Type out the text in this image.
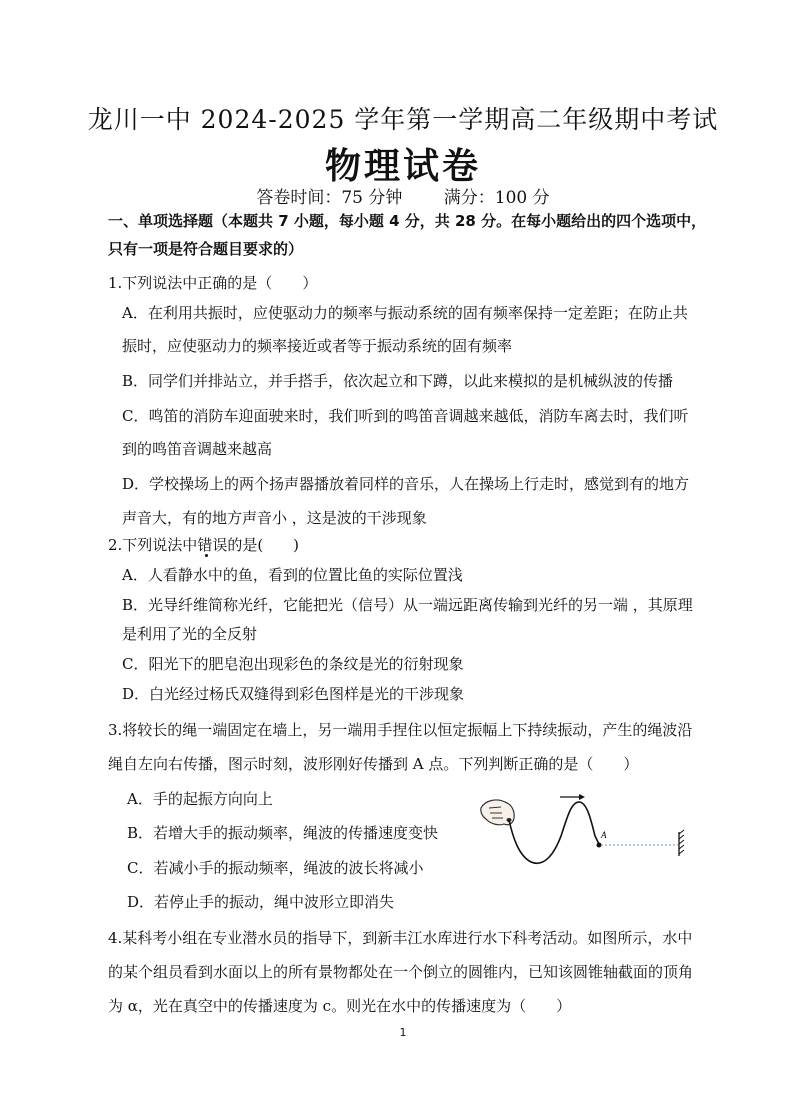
龙川一中 2024-2025 学年第一学期高二年级期中考试
物理试卷
答卷时间：75 分钟 满分：100 分
一、单项选择题（本题共 7 小题，每小题 4 分，共 28 分。在每小题给出的四个选项中，
只有一项是符合题目要求的）
1.下列说法中正确的是（　　）
A．在利用共振时，应使驱动力的频率与振动系统的固有频率保持一定差距；在防止共
振时，应使驱动力的频率接近或者等于振动系统的固有频率
B．同学们并排站立，并手搭手，依次起立和下蹲，以此来模拟的是机械纵波的传播
C．鸣笛的消防车迎面驶来时，我们听到的鸣笛音调越来越低，消防车离去时，我们听
到的鸣笛音调越来越高
D．学校操场上的两个扬声器播放着同样的音乐，人在操场上行走时，感觉到有的地方
声音大，有的地方声音小 ，这是波的干涉现象
2.下列说法中错误的是(　　)
A．人看静水中的鱼，看到的位置比鱼的实际位置浅
B．光导纤维简称光纤，它能把光（信号）从一端远距离传输到光纤的另一端 ，其原理
是利用了光的全反射
C．阳光下的肥皂泡出现彩色的条纹是光的衍射现象
D．白光经过杨氏双缝得到彩色图样是光的干涉现象
3.将较长的绳一端固定在墙上，另一端用手捏住以恒定振幅上下持续振动，产生的绳波沿
绳自左向右传播，图示时刻，波形刚好传播到 A 点。下列判断正确的是（　　）
A．手的起振方向向上
B．若增大手的振动频率，绳波的传播速度变快
C．若减小手的振动频率，绳波的波长将减小
D．若停止手的振动，绳中波形立即消失
A
4.某科考小组在专业潜水员的指导下，到新丰江水库进行水下科考活动。如图所示，水中
的某个组员看到水面以上的所有景物都处在一个倒立的圆锥内，已知该圆锥轴截面的顶角
为 α，光在真空中的传播速度为 c。则光在水中的传播速度为（　　）
1
